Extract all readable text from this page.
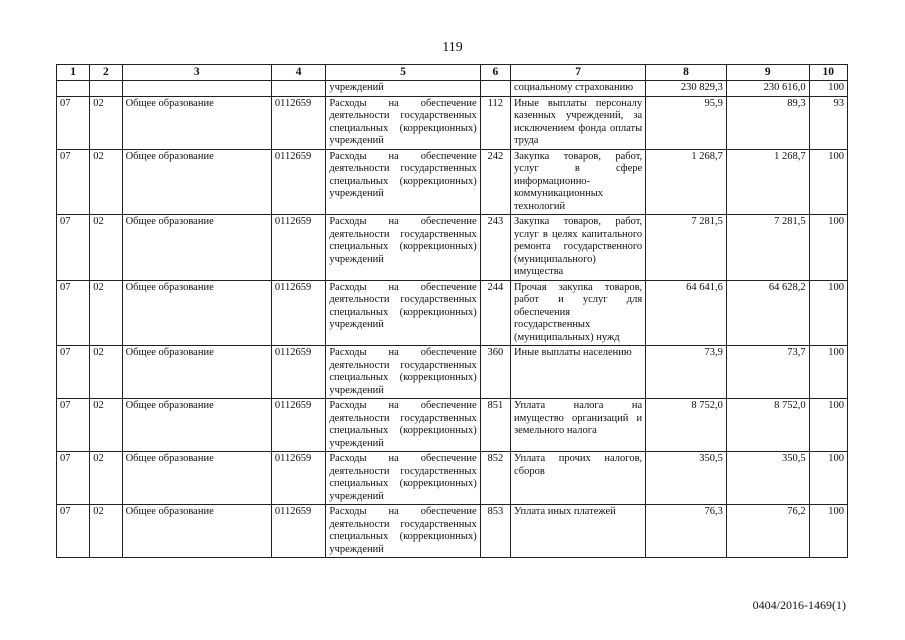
119
1	2	3	4	5	6	7	8	9	10
				учреждений		социальному страхованию	230 829,3	230 616,0	100
07	02	Общее образование	0112659	Расходы на обеспечение деятельности государственных специальных (коррекционных) учреждений	112	Иные выплаты персоналу казенных учреждений, за исключением фонда оплаты труда	95,9	89,3	93
07	02	Общее образование	0112659	Расходы на обеспечение деятельности государственных специальных (коррекционных) учреждений	242	Закупка товаров, работ, услуг в сфере информационно-коммуникационных технологий	1 268,7	1 268,7	100
07	02	Общее образование	0112659	Расходы на обеспечение деятельности государственных специальных (коррекционных) учреждений	243	Закупка товаров, работ, услуг в целях капитального ремонта государственного (муниципального) имущества	7 281,5	7 281,5	100
07	02	Общее образование	0112659	Расходы на обеспечение деятельности государственных специальных (коррекционных) учреждений	244	Прочая закупка товаров, работ и услуг для обеспечения государственных (муниципальных) нужд	64 641,6	64 628,2	100
07	02	Общее образование	0112659	Расходы на обеспечение деятельности государственных специальных (коррекционных) учреждений	360	Иные выплаты населению	73,9	73,7	100
07	02	Общее образование	0112659	Расходы на обеспечение деятельности государственных специальных (коррекционных) учреждений	851	Уплата налога на имущество организаций и земельного налога	8 752,0	8 752,0	100
07	02	Общее образование	0112659	Расходы на обеспечение деятельности государственных специальных (коррекционных) учреждений	852	Уплата прочих налогов, сборов	350,5	350,5	100
07	02	Общее образование	0112659	Расходы на обеспечение деятельности государственных специальных (коррекционных) учреждений	853	Уплата иных платежей	76,3	76,2	100
0404/2016-1469(1)
